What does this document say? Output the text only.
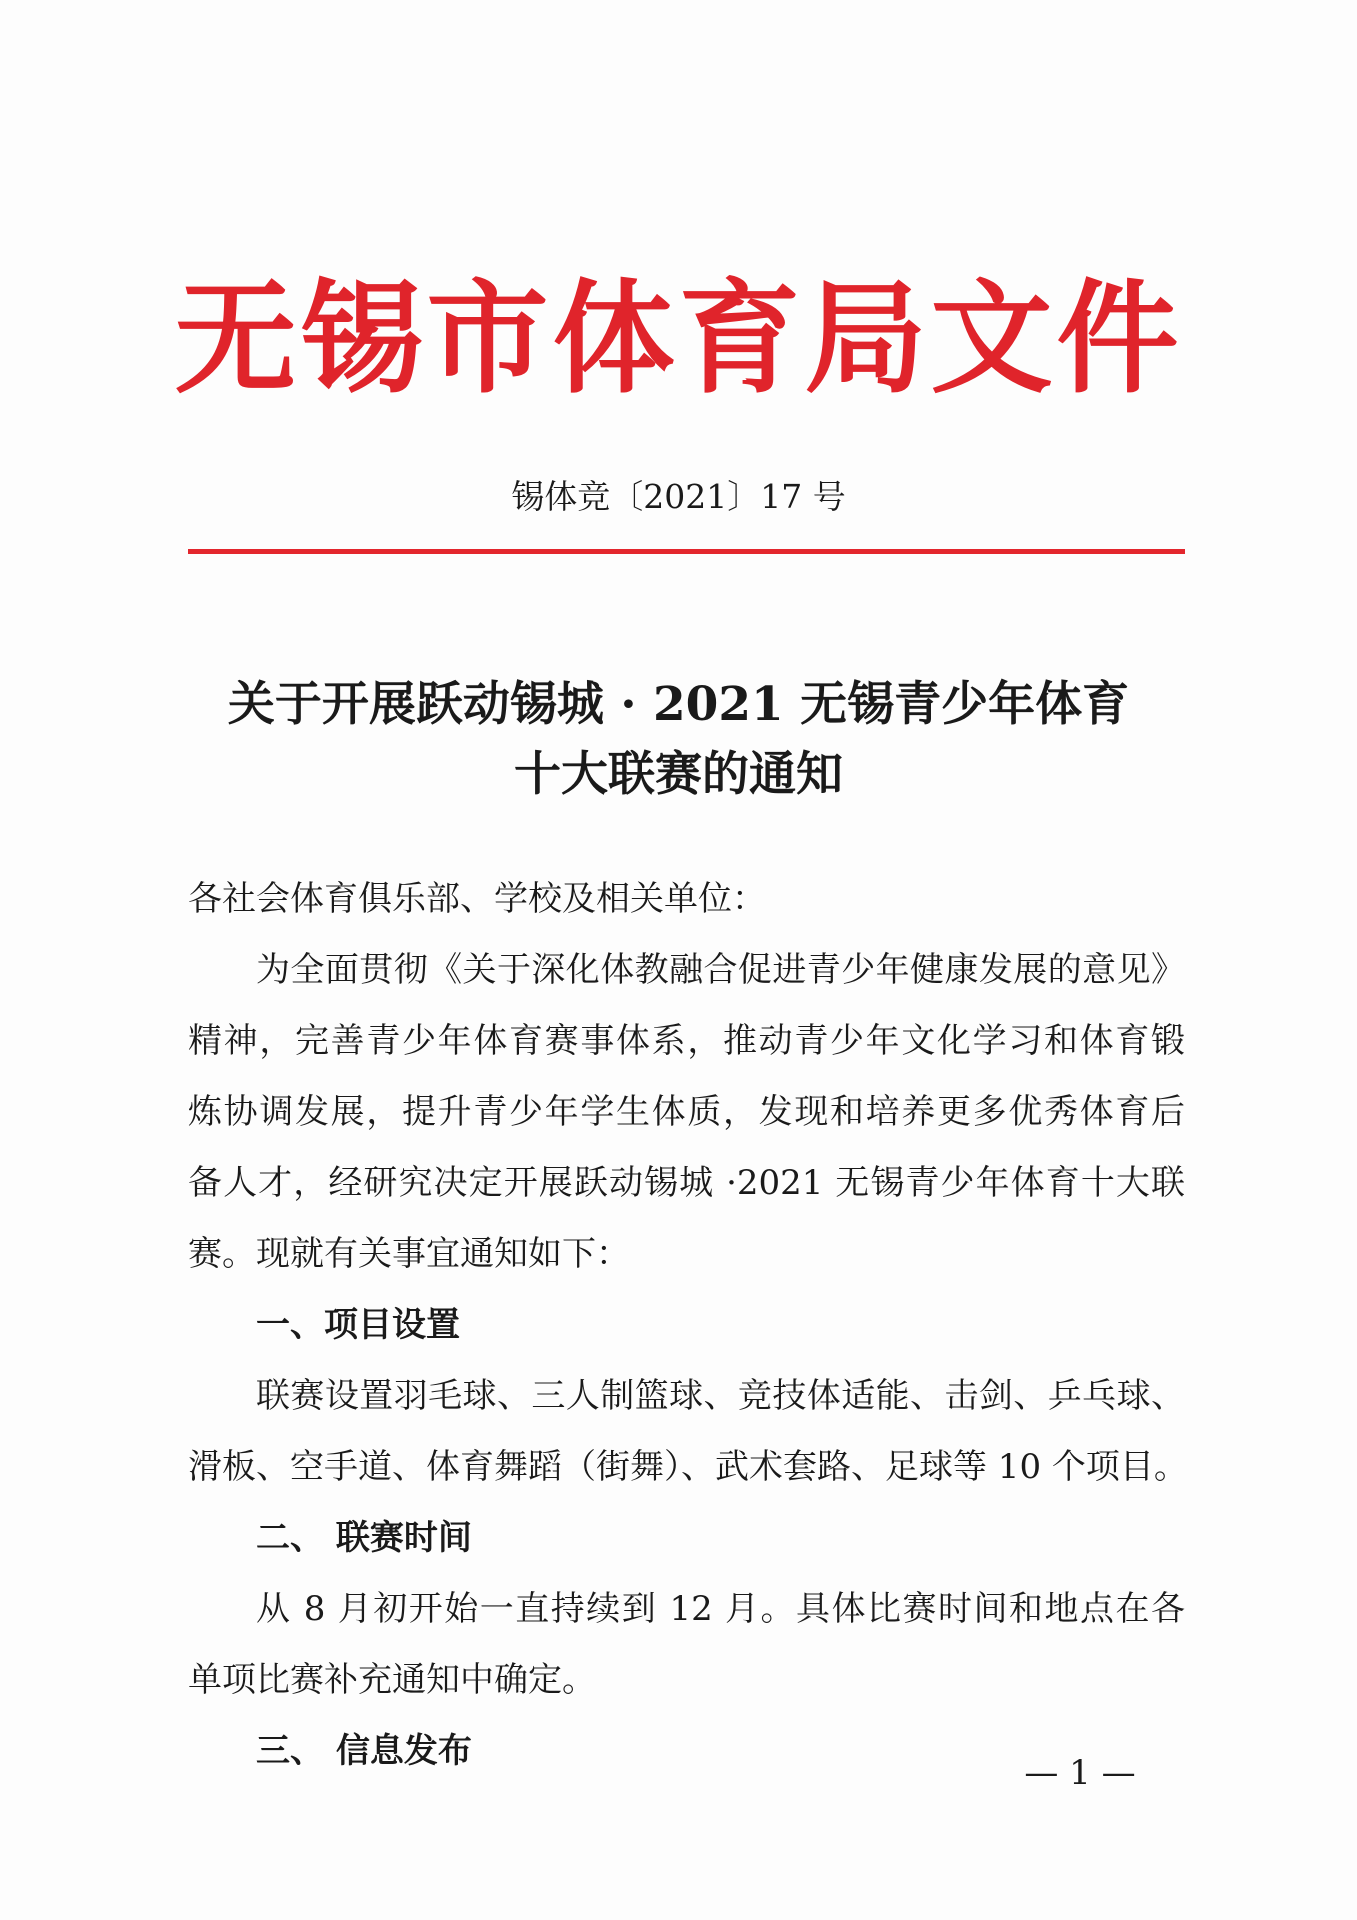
无锡市体育局文件
锡体竞〔2021〕17 号
关于开展跃动锡城 · 2021 无锡青少年体育
十大联赛的通知
各社会体育俱乐部、学校及相关单位：
为全面贯彻《关于深化体教融合促进青少年健康发展的意见》
精神，完善青少年体育赛事体系，推动青少年文化学习和体育锻
炼协调发展，提升青少年学生体质，发现和培养更多优秀体育后
备人才，经研究决定开展跃动锡城 ·2021 无锡青少年体育十大联
赛。现就有关事宜通知如下：
一、项目设置
联赛设置羽毛球、三人制篮球、竞技体适能、击剑、乒乓球、
滑板、空手道、体育舞蹈（街舞）、武术套路、足球等 10 个项目。
二、 联赛时间
从 8 月初开始一直持续到 12 月。具体比赛时间和地点在各
单项比赛补充通知中确定。
三、 信息发布
— 1 —
